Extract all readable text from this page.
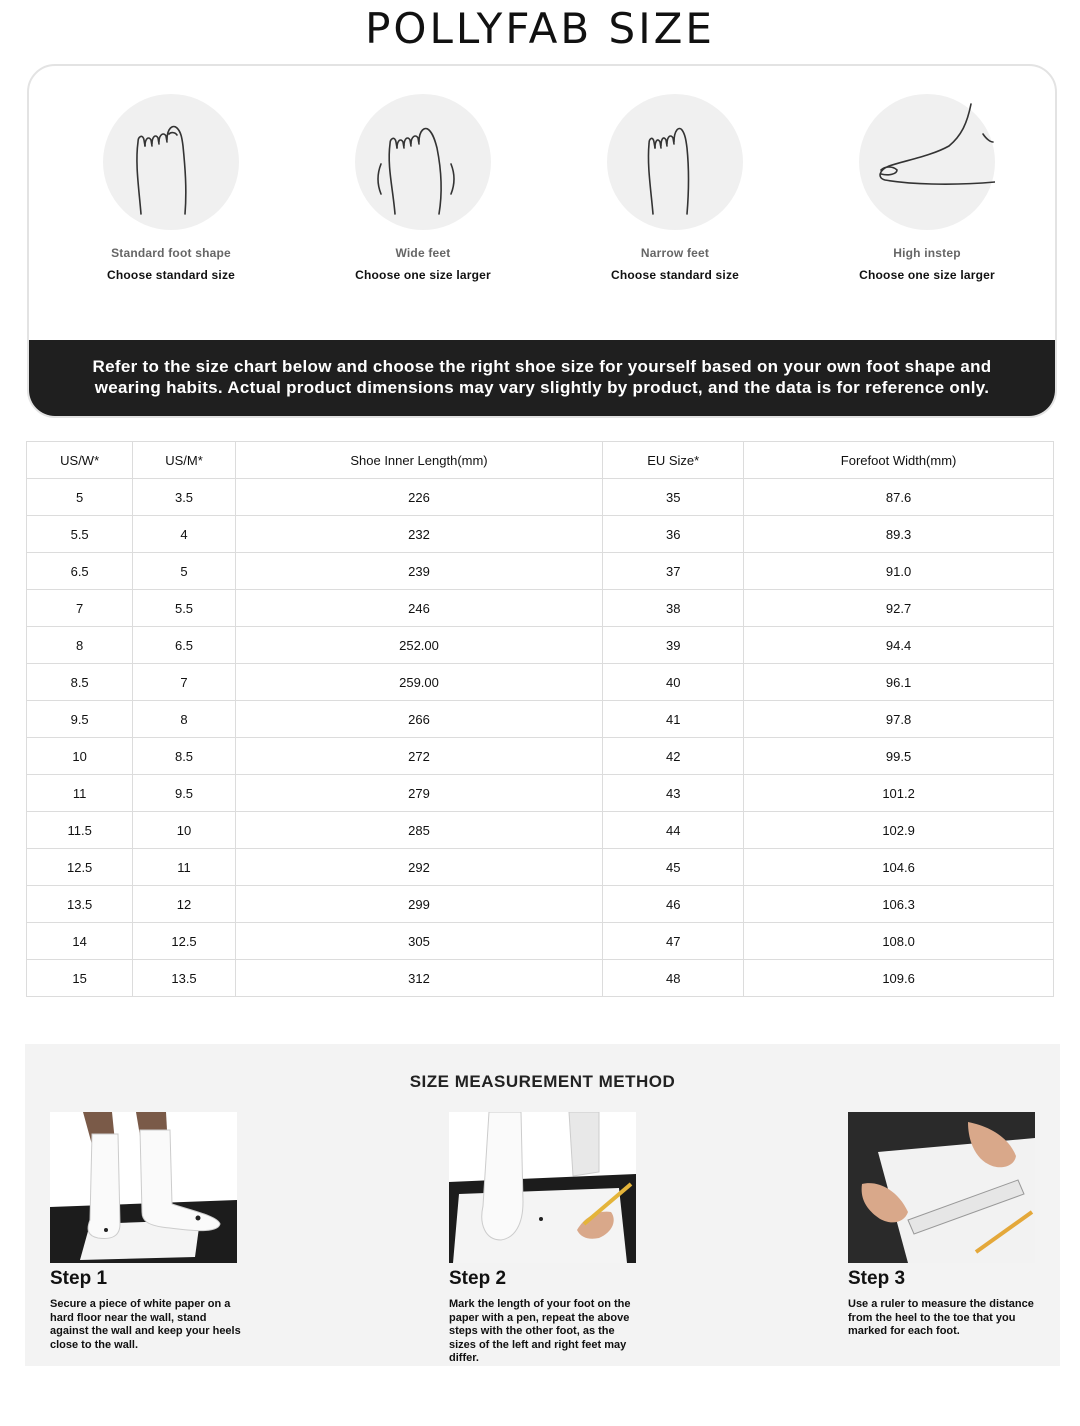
POLLYFAB SIZE
Standard foot shape
Choose standard size
Wide feet
Choose one size larger
Narrow feet
Choose standard size
High instep
Choose one size larger
Refer to the size chart below and choose the right shoe size for yourself based on your own foot shape and
wearing habits. Actual product dimensions may vary slightly by product, and the data is for reference only.
US/W*	US/M*	Shoe Inner Length(mm)	EU Size*	Forefoot Width(mm)
5	3.5	226	35	87.6
5.5	4	232	36	89.3
6.5	5	239	37	91.0
7	5.5	246	38	92.7
8	6.5	252.00	39	94.4
8.5	7	259.00	40	96.1
9.5	8	266	41	97.8
10	8.5	272	42	99.5
11	9.5	279	43	101.2
11.5	10	285	44	102.9
12.5	11	292	45	104.6
13.5	12	299	46	106.3
14	12.5	305	47	108.0
15	13.5	312	48	109.6
SIZE MEASUREMENT METHOD
Step 1
Secure a piece of white paper on a hard floor near the wall, stand against the wall and keep your heels close to the wall.
Step 2
Mark the length of your foot on the paper with a pen, repeat the above steps with the other foot, as the sizes of the left and right feet may differ.
Step 3
Use a ruler to measure the distance from the heel to the toe that you marked for each foot.
